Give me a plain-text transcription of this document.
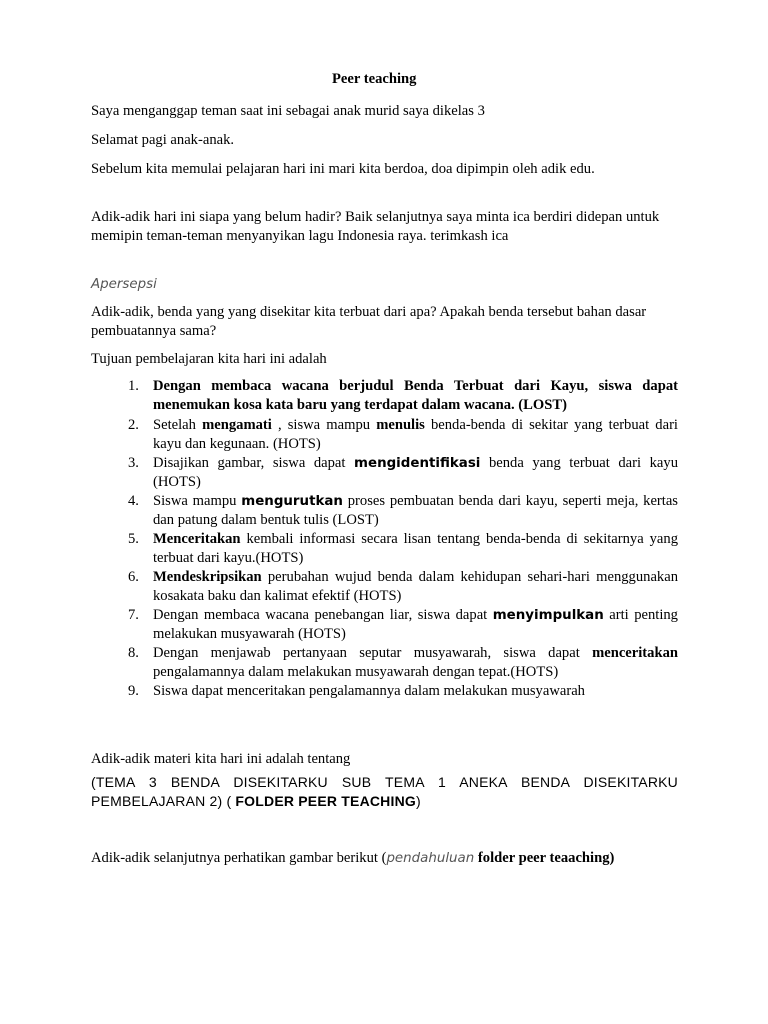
Peer teaching
Saya menganggap teman saat ini sebagai anak murid saya dikelas 3
Selamat pagi anak-anak.
Sebelum kita memulai pelajaran hari ini mari kita berdoa, doa dipimpin oleh adik edu.
Adik-adik hari ini siapa yang belum hadir? Baik selanjutnya saya minta ica berdiri didepan untuk memipin teman-teman menyanyikan lagu Indonesia raya. terimkash ica
Apersepsi
Adik-adik, benda yang yang disekitar kita terbuat dari apa? Apakah benda tersebut bahan dasar pembuatannya sama?
Tujuan pembelajaran kita hari ini adalah
1. Dengan membaca wacana berjudul Benda Terbuat dari Kayu, siswa dapat menemukan kosa kata baru yang terdapat dalam wacana. (LOST)
2. Setelah mengamati , siswa mampu menulis benda-benda di sekitar yang terbuat dari kayu dan kegunaan. (HOTS)
3. Disajikan gambar, siswa dapat mengidentifikasi benda yang terbuat dari kayu (HOTS)
4. Siswa mampu mengurutkan proses pembuatan benda dari kayu, seperti meja, kertas dan patung dalam bentuk tulis (LOST)
5. Menceritakan kembali informasi secara lisan tentang benda-benda di sekitarnya yang terbuat dari kayu.(HOTS)
6. Mendeskripsikan perubahan wujud benda dalam kehidupan sehari-hari menggunakan kosakata baku dan kalimat efektif (HOTS)
7. Dengan membaca wacana penebangan liar, siswa dapat menyimpulkan arti penting melakukan musyawarah (HOTS)
8. Dengan menjawab pertanyaan seputar musyawarah, siswa dapat menceritakan pengalamannya dalam melakukan musyawarah dengan tepat.(HOTS)
9. Siswa dapat menceritakan pengalamannya dalam melakukan musyawarah
Adik-adik materi kita hari ini adalah tentang
(TEMA 3 BENDA DISEKITARKU SUB TEMA 1 ANEKA BENDA DISEKITARKU PEMBELAJARAN 2) ( FOLDER PEER TEACHING)
Adik-adik selanjutnya perhatikan gambar berikut (pendahuluan folder peer teaaching)
